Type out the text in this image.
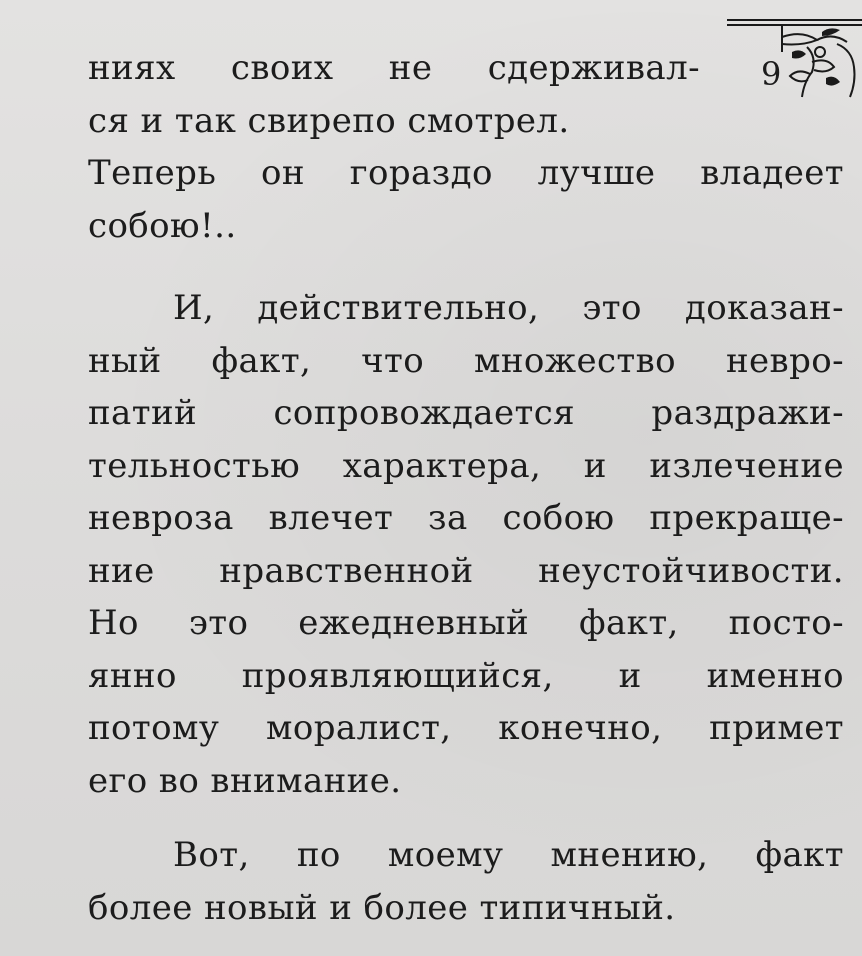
9
ниях своих не сдерживал-
ся и так свирепо смотрел.
Теперь он гораздо лучше владеет
собою!..
И, действительно, это доказан-
ный факт, что множество невро-
патий сопровождается раздражи-
тельностью характера, и излечение
невроза влечет за собою прекраще-
ние нравственной неустойчивости.
Но это ежедневный факт, посто-
янно проявляющийся, и именно
потому моралист, конечно, примет
его во внимание.
Вот, по моему мнению, факт
более новый и более типичный.
